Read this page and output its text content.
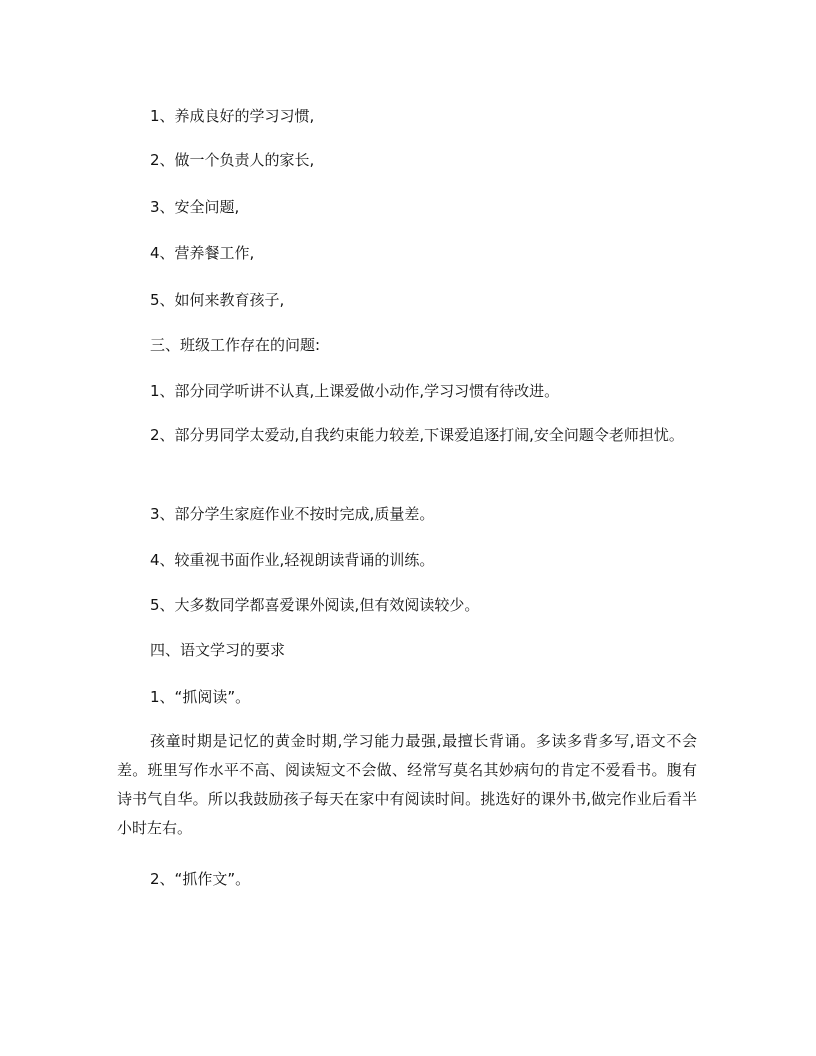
1、养成良好的学习习惯,
2、做一个负责人的家长,
3、安全问题,
4、营养餐工作,
5、如何来教育孩子,
三、班级工作存在的问题:
1、部分同学听讲不认真,上课爱做小动作,学习习惯有待改进。
2、部分男同学太爱动,自我约束能力较差,下课爱追逐打闹,安全问题令老师担忧。
3、部分学生家庭作业不按时完成,质量差。
4、较重视书面作业,轻视朗读背诵的训练。
5、大多数同学都喜爱课外阅读,但有效阅读较少。
四、语文学习的要求
1、“抓阅读”。
孩童时期是记忆的黄金时期,学习能力最强,最擅长背诵。多读多背多写,语文不会差。班里写作水平不高、阅读短文不会做、经常写莫名其妙病句的肯定不爱看书。腹有诗书气自华。所以我鼓励孩子每天在家中有阅读时间。挑选好的课外书,做完作业后看半小时左右。
2、“抓作文”。
